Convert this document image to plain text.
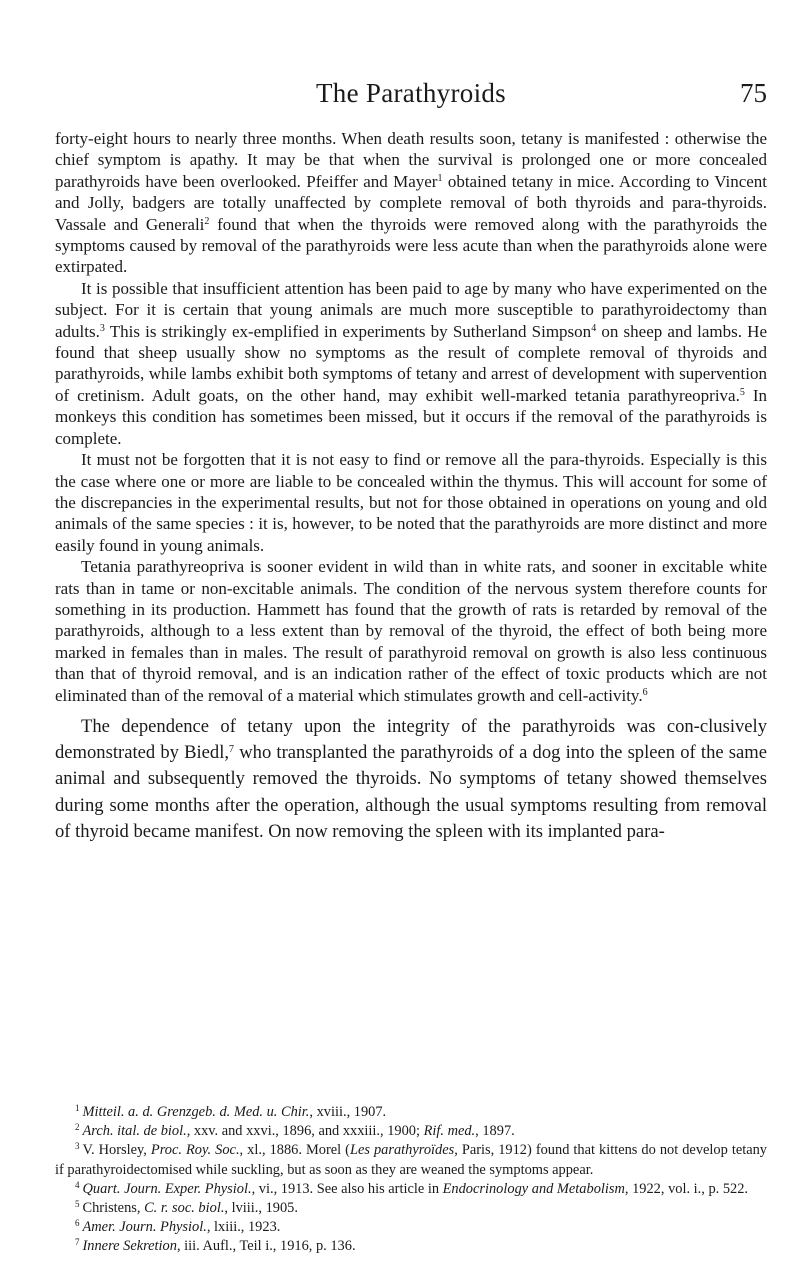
The Parathyroids	75

forty-eight hours to nearly three months. When death results soon, tetany is manifested : otherwise the chief symptom is apathy. It may be that when the survival is prolonged one or more concealed parathyroids have been overlooked. Pfeiffer and Mayer$^1$ obtained tetany in mice. According to Vincent and Jolly, badgers are totally unaffected by complete removal of both thyroids and para-thyroids. Vassale and Generali$^2$ found that when the thyroids were removed along with the parathyroids the symptoms caused by removal of the parathyroids were less acute than when the parathyroids alone were extirpated.

It is possible that insufficient attention has been paid to age by many who have experimented on the subject. For it is certain that young animals are much more susceptible to parathyroidectomy than adults.$^3$ This is strikingly ex-emplified in experiments by Sutherland Simpson$^4$ on sheep and lambs. He found that sheep usually show no symptoms as the result of complete removal of thyroids and parathyroids, while lambs exhibit both symptoms of tetany and arrest of development with supervention of cretinism. Adult goats, on the other hand, may exhibit well-marked tetania parathyreopriva.$^5$ In monkeys this condition has sometimes been missed, but it occurs if the removal of the parathyroids is complete.

It must not be forgotten that it is not easy to find or remove all the para-thyroids. Especially is this the case where one or more are liable to be concealed within the thymus. This will account for some of the discrepancies in the experimental results, but not for those obtained in operations on young and old animals of the same species : it is, however, to be noted that the parathyroids are more distinct and more easily found in young animals.

Tetania parathyreopriva is sooner evident in wild than in white rats, and sooner in excitable white rats than in tame or non-excitable animals. The condition of the nervous system therefore counts for something in its production. Hammett has found that the growth of rats is retarded by removal of the parathyroids, although to a less extent than by removal of the thyroid, the effect of both being more marked in females than in males. The result of parathyroid removal on growth is also less continuous than that of thyroid removal, and is an indication rather of the effect of toxic products which are not eliminated than of the removal of a material which stimulates growth and cell-activity.$^6$

The dependence of tetany upon the integrity of the parathyroids was con-clusively demonstrated by Biedl,$^7$ who transplanted the parathyroids of a dog into the spleen of the same animal and subsequently removed the thyroids. No symptoms of tetany showed themselves during some months after the operation, although the usual symptoms resulting from removal of thyroid became manifest. On now removing the spleen with its implanted para-

$^1$ Mitteil. a. d. Grenzgeb. d. Med. u. Chir., xviii., 1907.

$^2$ Arch. ital. de biol., xxv. and xxvi., 1896, and xxxiii., 1900; Rif. med., 1897.

$^3$ V. Horsley, Proc. Roy. Soc., xl., 1886. Morel (Les parathyroïdes, Paris, 1912) found that kittens do not develop tetany if parathyroidectomised while suckling, but as soon as they are weaned the symptoms appear.

$^4$ Quart. Journ. Exper. Physiol., vi., 1913. See also his article in Endocrinology and Metabolism, 1922, vol. i., p. 522.

$^5$ Christens, C. r. soc. biol., lviii., 1905.

$^6$ Amer. Journ. Physiol., lxiii., 1923.

$^7$ Innere Sekretion, iii. Aufl., Teil i., 1916, p. 136.
